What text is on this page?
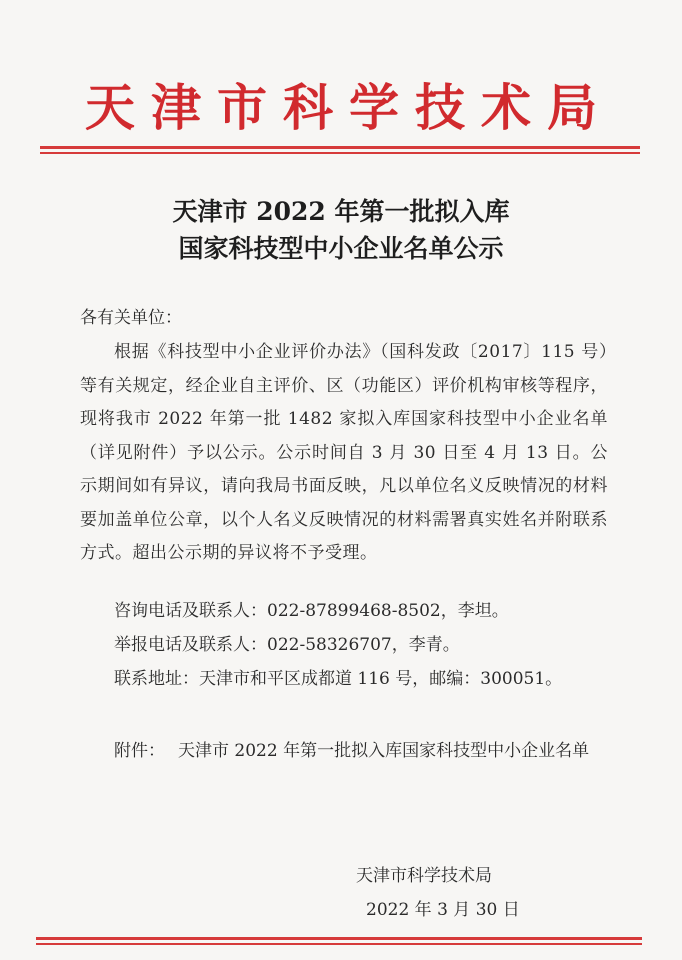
天津市科学技术局
天津市 2022 年第一批拟入库
国家科技型中小企业名单公示
各有关单位：
根据《科技型中小企业评价办法》（国科发政〔2017〕115 号）等有关规定，经企业自主评价、区（功能区）评价机构审核等程序，现将我市 2022 年第一批 1482 家拟入库国家科技型中小企业名单（详见附件）予以公示。公示时间自 3 月 30 日至 4 月 13 日。公示期间如有异议，请向我局书面反映，凡以单位名义反映情况的材料要加盖单位公章，以个人名义反映情况的材料需署真实姓名并附联系方式。超出公示期的异议将不予受理。
咨询电话及联系人：022-87899468-8502，李坦。
举报电话及联系人：022-58326707，李青。
联系地址：天津市和平区成都道 116 号，邮编：300051。
附件： 天津市 2022 年第一批拟入库国家科技型中小企业名单
天津市科学技术局
2022 年 3 月 30 日
